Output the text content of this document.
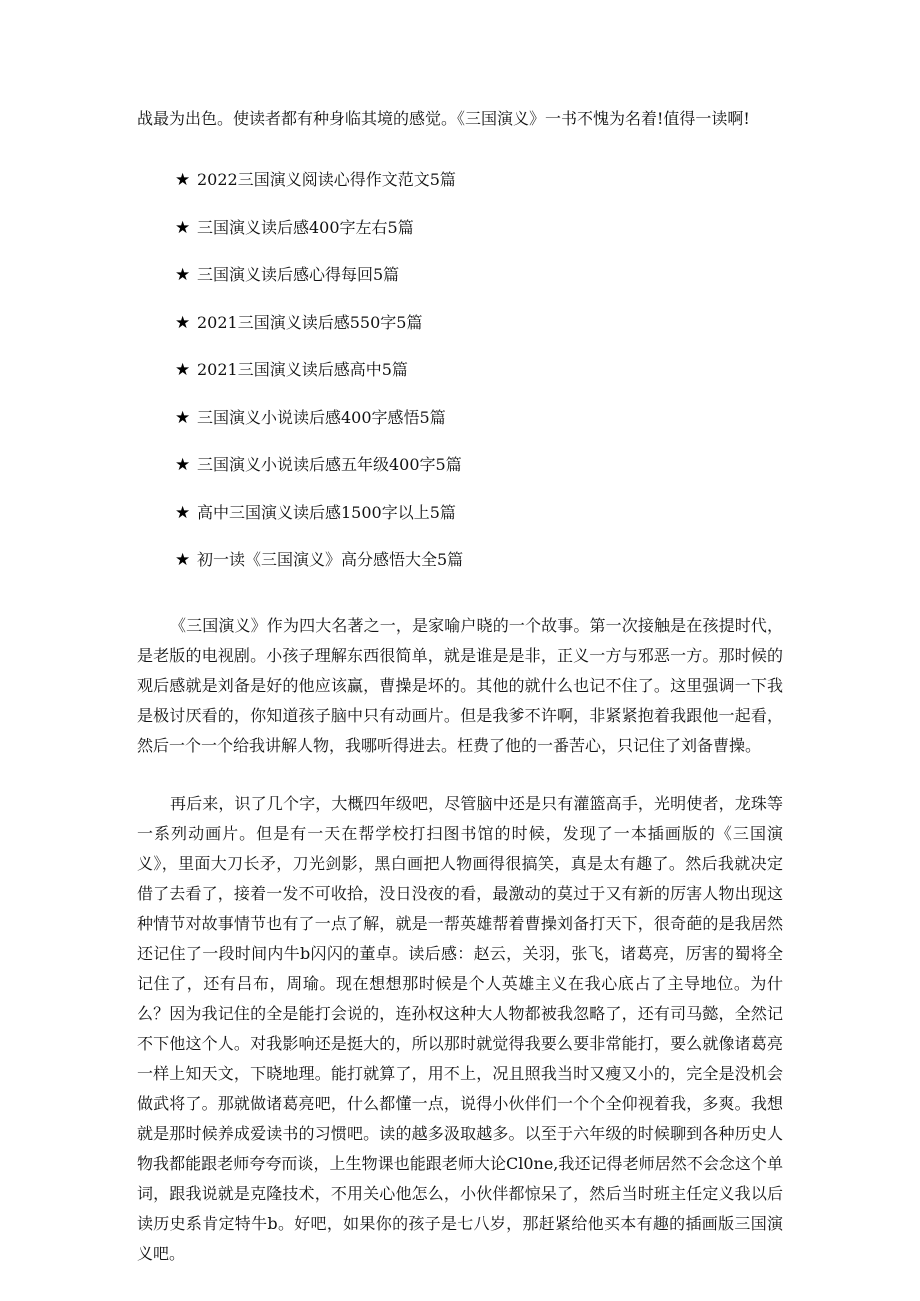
战最为出色。使读者都有种身临其境的感觉。《三国演义》一书不愧为名着!值得一读啊!

★ 2022三国演义阅读心得作文范文5篇
★ 三国演义读后感400字左右5篇
★ 三国演义读后感心得每回5篇
★ 2021三国演义读后感550字5篇
★ 2021三国演义读后感高中5篇
★ 三国演义小说读后感400字感悟5篇
★ 三国演义小说读后感五年级400字5篇
★ 高中三国演义读后感1500字以上5篇
★ 初一读《三国演义》高分感悟大全5篇

《三国演义》作为四大名著之一，是家喻户晓的一个故事。第一次接触是在孩提时代，是老版的电视剧。小孩子理解东西很简单，就是谁是是非，正义一方与邪恶一方。那时候的观后感就是刘备是好的他应该赢，曹操是坏的。其他的就什么也记不住了。这里强调一下我是极讨厌看的，你知道孩子脑中只有动画片。但是我爹不许啊，非紧紧抱着我跟他一起看，然后一个一个给我讲解人物，我哪听得进去。枉费了他的一番苦心，只记住了刘备曹操。

再后来，识了几个字，大概四年级吧，尽管脑中还是只有灌篮高手，光明使者，龙珠等一系列动画片。但是有一天在帮学校打扫图书馆的时候，发现了一本插画版的《三国演义》，里面大刀长矛，刀光剑影，黑白画把人物画得很搞笑，真是太有趣了。然后我就决定借了去看了，接着一发不可收拾，没日没夜的看，最激动的莫过于又有新的厉害人物出现这种情节对故事情节也有了一点了解，就是一帮英雄帮着曹操刘备打天下，很奇葩的是我居然还记住了一段时间内牛b闪闪的董卓。读后感：赵云，关羽，张飞，诸葛亮，厉害的蜀将全记住了，还有吕布，周瑜。现在想想那时候是个人英雄主义在我心底占了主导地位。为什么？因为我记住的全是能打会说的，连孙权这种大人物都被我忽略了，还有司马懿，全然记不下他这个人。对我影响还是挺大的，所以那时就觉得我要么要非常能打，要么就像诸葛亮一样上知天文，下晓地理。能打就算了，用不上，况且照我当时又瘦又小的，完全是没机会做武将了。那就做诸葛亮吧，什么都懂一点，说得小伙伴们一个个全仰视着我，多爽。我想就是那时候养成爱读书的习惯吧。读的越多汲取越多。以至于六年级的时候聊到各种历史人物我都能跟老师夸夸而谈，上生物课也能跟老师大论Cl0ne,我还记得老师居然不会念这个单词，跟我说就是克隆技术，不用关心他怎么，小伙伴都惊呆了，然后当时班主任定义我以后读历史系肯定特牛b。好吧，如果你的孩子是七八岁，那赶紧给他买本有趣的插画版三国演义吧。
